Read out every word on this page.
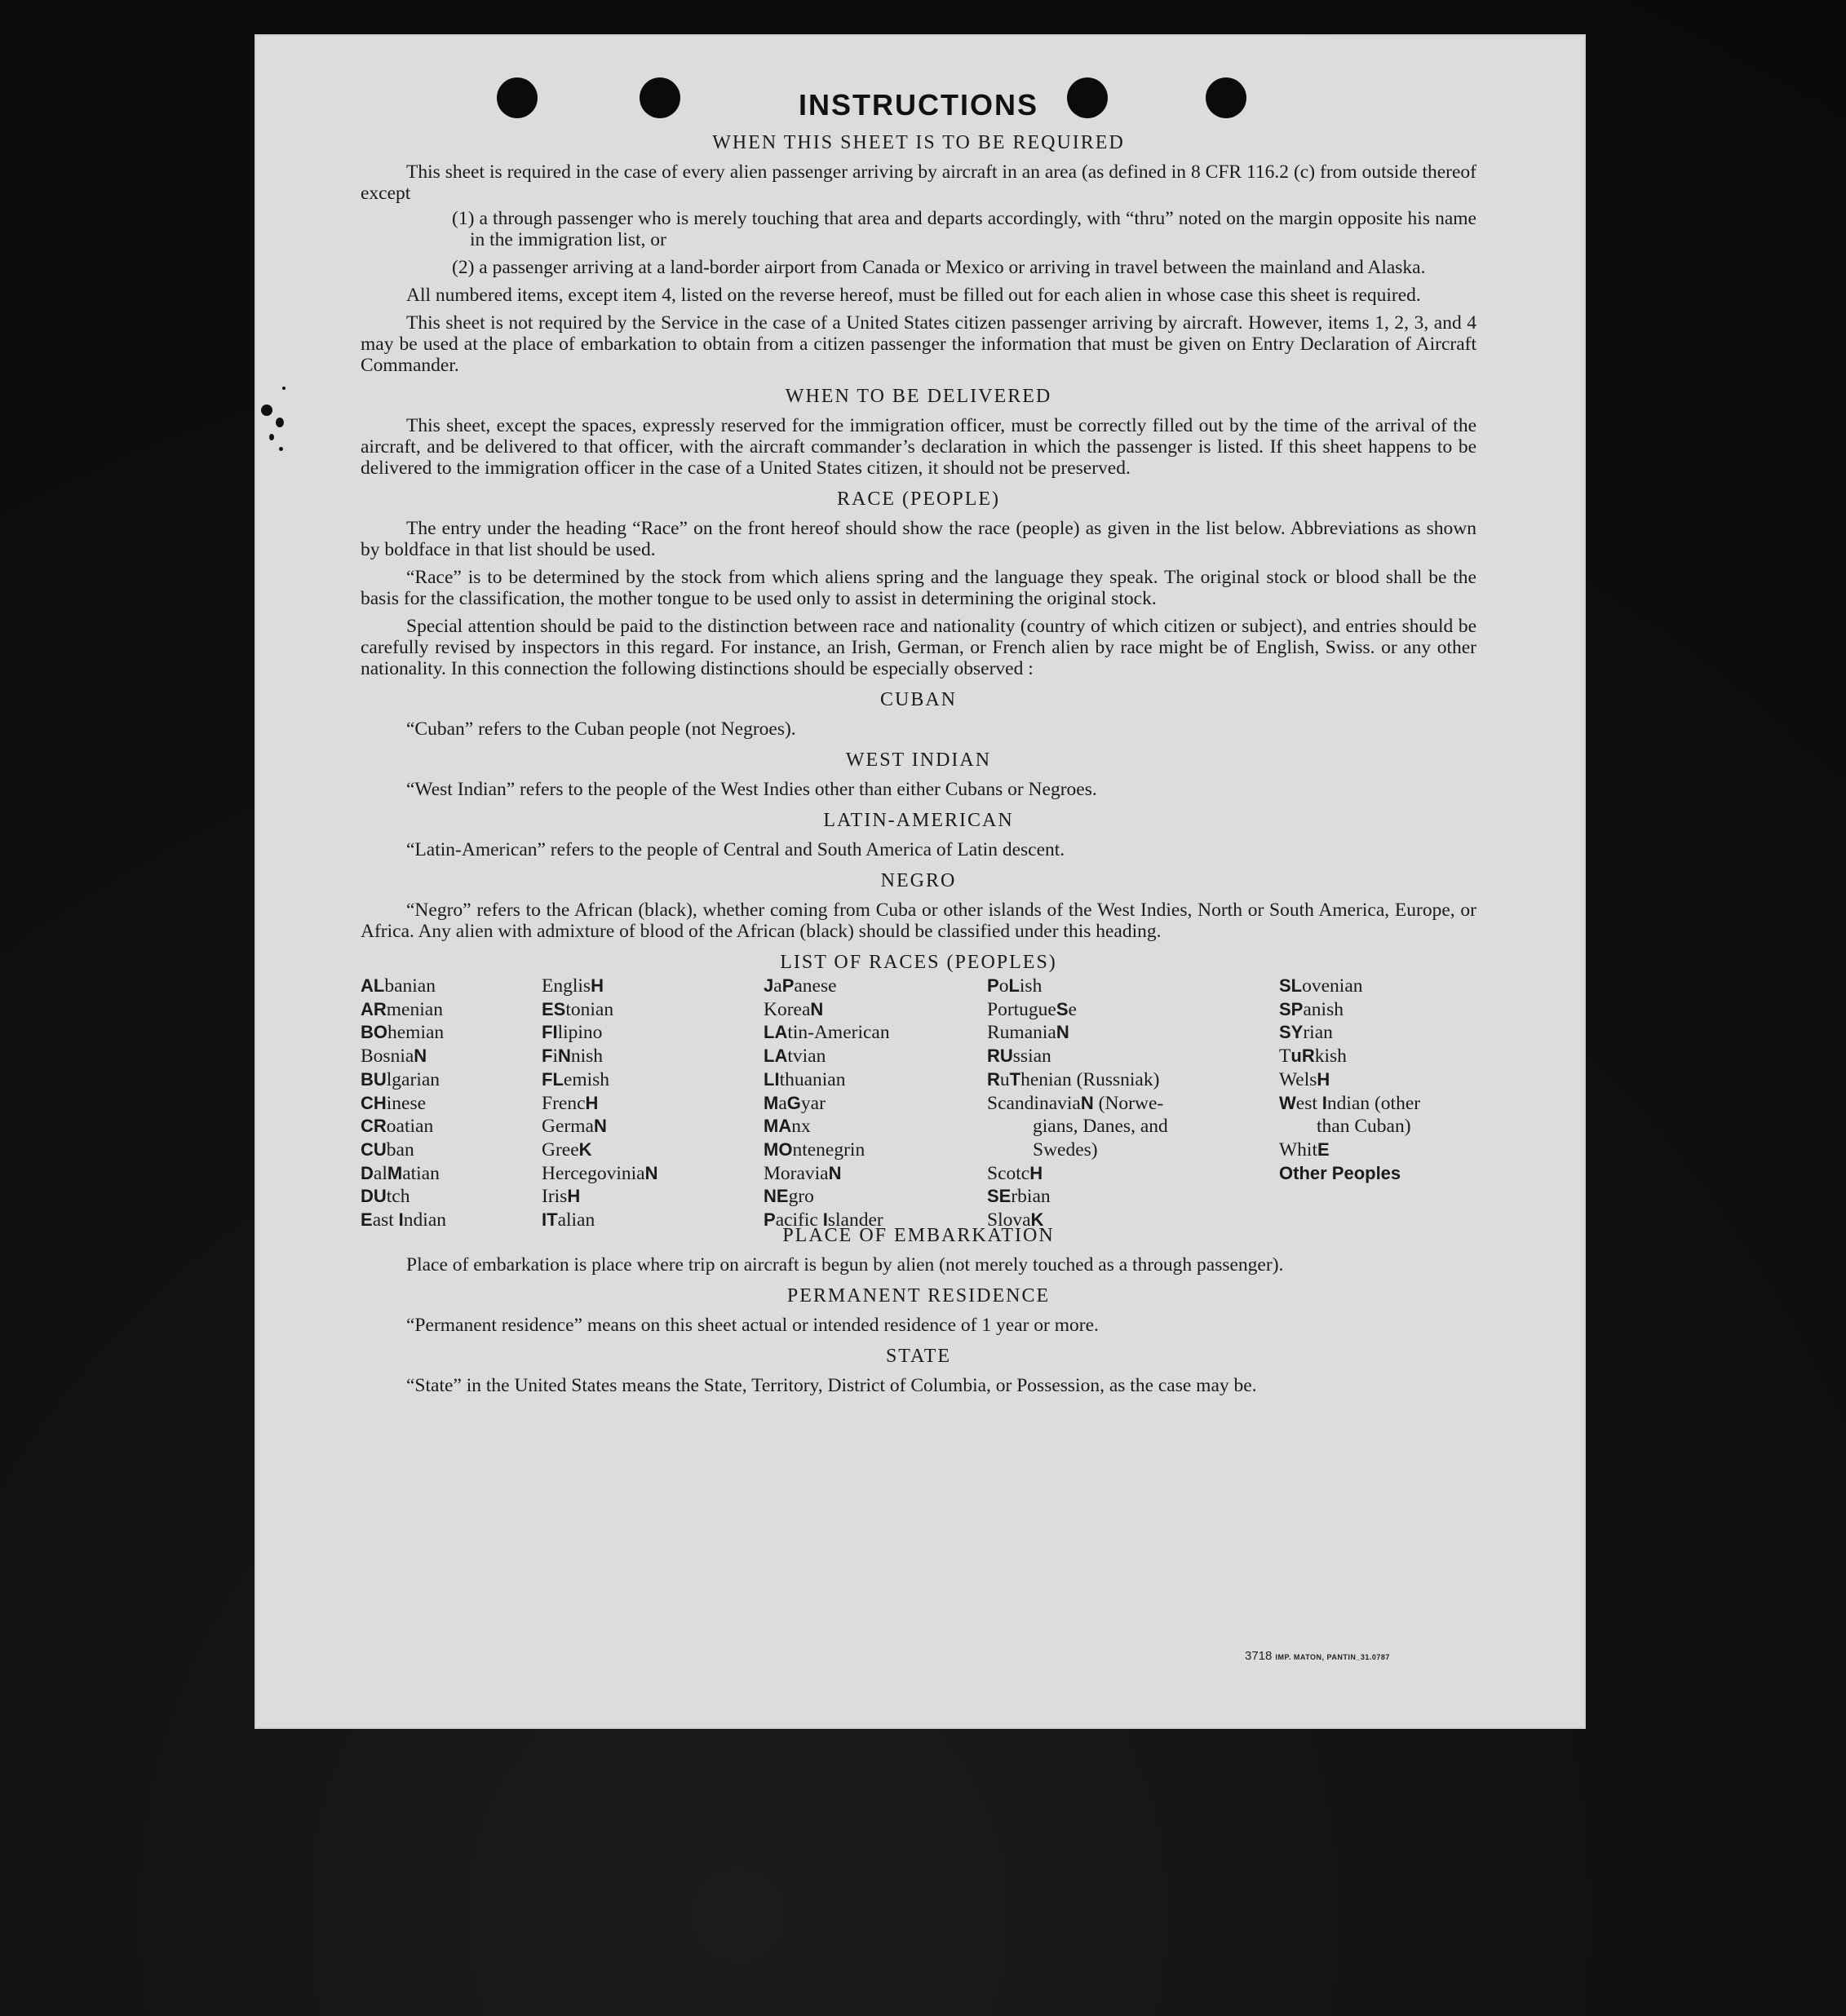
INSTRUCTIONS

WHEN THIS SHEET IS TO BE REQUIRED

This sheet is required in the case of every alien passenger arriving by aircraft in an area (as defined in 8 CFR 116.2 (c) from outside thereof except

(1) a through passenger who is merely touching that area and departs accordingly, with “thru” noted on the margin opposite his name in the immigration list, or

(2) a passenger arriving at a land-border airport from Canada or Mexico or arriving in travel between the mainland and Alaska.

All numbered items, except item 4, listed on the reverse hereof, must be filled out for each alien in whose case this sheet is required.

This sheet is not required by the Service in the case of a United States citizen passenger arriving by aircraft. However, items 1, 2, 3, and 4 may be used at the place of embarkation to obtain from a citizen passenger the information that must be given on Entry Declaration of Aircraft Commander.

WHEN TO BE DELIVERED

This sheet, except the spaces, expressly reserved for the immigration officer, must be correctly filled out by the time of the arrival of the aircraft, and be delivered to that officer, with the aircraft commander’s declaration in which the passenger is listed. If this sheet happens to be delivered to the immigration officer in the case of a United States citizen, it should not be preserved.

RACE (PEOPLE)

The entry under the heading “Race” on the front hereof should show the race (people) as given in the list below. Abbreviations as shown by boldface in that list should be used.

“Race” is to be determined by the stock from which aliens spring and the language they speak. The original stock or blood shall be the basis for the classification, the mother tongue to be used only to assist in determining the original stock.

Special attention should be paid to the distinction between race and nationality (country of which citizen or subject), and entries should be carefully revised by inspectors in this regard. For instance, an Irish, German, or French alien by race might be of English, Swiss. or any other nationality. In this connection the following distinctions should be especially observed :

CUBAN

“Cuban” refers to the Cuban people (not Negroes).

WEST INDIAN

“West Indian” refers to the people of the West Indies other than either Cubans or Negroes.

LATIN-AMERICAN

“Latin-American” refers to the people of Central and South America of Latin descent.

NEGRO

“Negro” refers to the African (black), whether coming from Cuba or other islands of the West Indies, North or South America, Europe, or Africa. Any alien with admixture of blood of the African (black) should be classified under this heading.

LIST OF RACES (PEOPLES)

ALbanian
ARmenian
BOhemian
BosniaN
BUlgarian
CHinese
CRoatian
CUban
DalMatian
DUtch
East Indian
EnglisH
EStonian
FIlipino
FiNnish
FLemish
FrencH
GermaN
GreeK
HercegoviniaN
IrisH
ITalian
JaPanese
KoreaN
LAtin-American
LAtvian
LIthuanian
MaGyar
MAnx
MOntenegrin
MoraviaN
NEgro
Pacific Islander
PoLish
PortugueSe
RumaniaN
RUssian
RuThenian (Russniak)
ScandinaviaN (Norwe-
gians, Danes, and
Swedes)
ScotcH
SErbian
SlovaK
SLovenian
SPanish
SYrian
TuRkish
WelsH
West Indian (other
than Cuban)
WhitE
Other Peoples

PLACE OF EMBARKATION

Place of embarkation is place where trip on aircraft is begun by alien (not merely touched as a through passenger).

PERMANENT RESIDENCE

“Permanent residence” means on this sheet actual or intended residence of 1 year or more.

STATE

“State” in the United States means the State, Territory, District of Columbia, or Possession, as the case may be.

3718 IMP. MATON, PANTIN_31.0787
